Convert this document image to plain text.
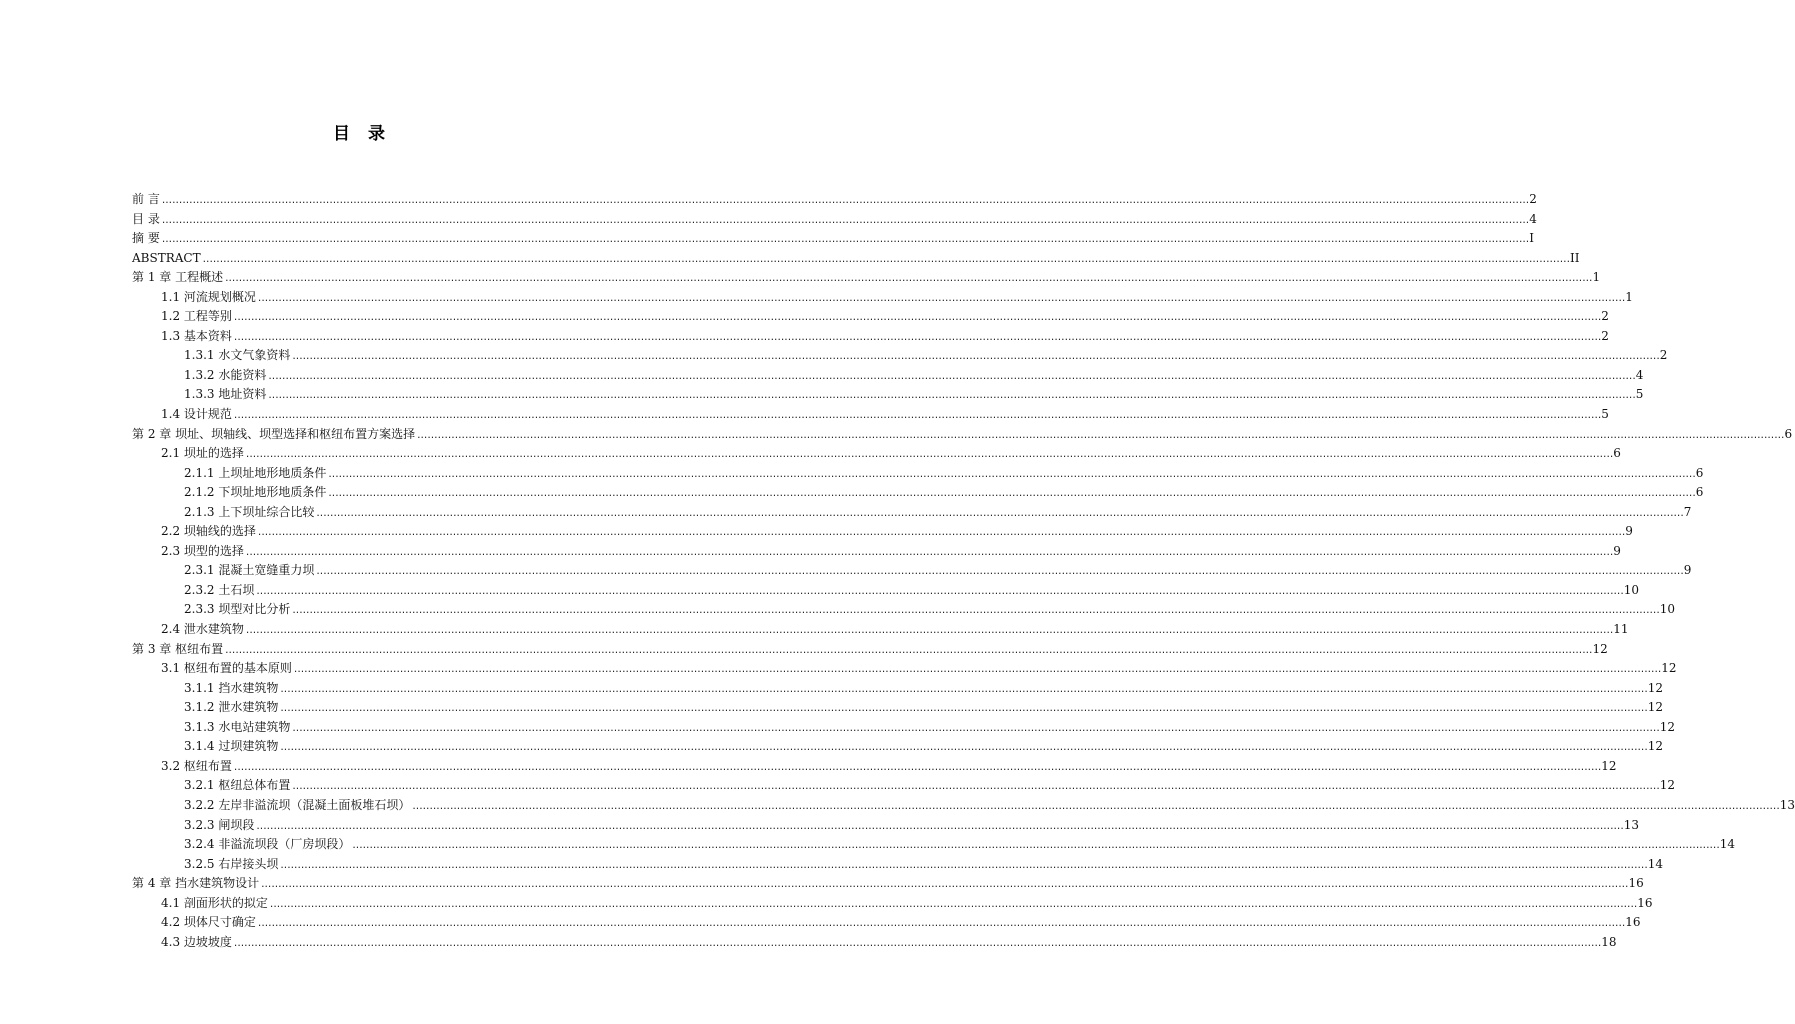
目 录
前 言 ................................................................................................................................................................................................................................................................................................................................................................................................................ 2
目 录 ................................................................................................................................................................................................................................................................................................................................................................................................................ 4
摘 要 ................................................................................................................................................................................................................................................................................................................................................................................................................ I
ABSTRACT ................................................................................................................................................................................................................................................................................................................................................................................................................ II
第 1 章 工程概述 ................................................................................................................................................................................................................................................................................................................................................................................................................ 1
1.1 河流规划概况 ................................................................................................................................................................................................................................................................................................................................................................................................................ 1
1.2 工程等别 ................................................................................................................................................................................................................................................................................................................................................................................................................ 2
1.3 基本资料 ................................................................................................................................................................................................................................................................................................................................................................................................................ 2
1.3.1 水文气象资料 ................................................................................................................................................................................................................................................................................................................................................................................................................ 2
1.3.2 水能资料 ................................................................................................................................................................................................................................................................................................................................................................................................................ 4
1.3.3 地址资料 ................................................................................................................................................................................................................................................................................................................................................................................................................ 5
1.4 设计规范 ................................................................................................................................................................................................................................................................................................................................................................................................................ 5
第 2 章 坝址、坝轴线、坝型选择和枢纽布置方案选择 ................................................................................................................................................................................................................................................................................................................................................................................................................ 6
2.1 坝址的选择 ................................................................................................................................................................................................................................................................................................................................................................................................................ 6
2.1.1 上坝址地形地质条件 ................................................................................................................................................................................................................................................................................................................................................................................................................ 6
2.1.2 下坝址地形地质条件 ................................................................................................................................................................................................................................................................................................................................................................................................................ 6
2.1.3 上下坝址综合比较 ................................................................................................................................................................................................................................................................................................................................................................................................................ 7
2.2 坝轴线的选择 ................................................................................................................................................................................................................................................................................................................................................................................................................ 9
2.3 坝型的选择 ................................................................................................................................................................................................................................................................................................................................................................................................................ 9
2.3.1 混凝土宽缝重力坝 ................................................................................................................................................................................................................................................................................................................................................................................................................ 9
2.3.2 土石坝 ................................................................................................................................................................................................................................................................................................................................................................................................................ 10
2.3.3 坝型对比分析 ................................................................................................................................................................................................................................................................................................................................................................................................................ 10
2.4 泄水建筑物 ................................................................................................................................................................................................................................................................................................................................................................................................................ 11
第 3 章 枢纽布置 ................................................................................................................................................................................................................................................................................................................................................................................................................ 12
3.1 枢纽布置的基本原则 ................................................................................................................................................................................................................................................................................................................................................................................................................ 12
3.1.1 挡水建筑物 ................................................................................................................................................................................................................................................................................................................................................................................................................ 12
3.1.2 泄水建筑物 ................................................................................................................................................................................................................................................................................................................................................................................................................ 12
3.1.3 水电站建筑物 ................................................................................................................................................................................................................................................................................................................................................................................................................ 12
3.1.4 过坝建筑物 ................................................................................................................................................................................................................................................................................................................................................................................................................ 12
3.2 枢纽布置 ................................................................................................................................................................................................................................................................................................................................................................................................................ 12
3.2.1 枢纽总体布置 ................................................................................................................................................................................................................................................................................................................................................................................................................ 12
3.2.2 左岸非溢流坝（混凝土面板堆石坝） ................................................................................................................................................................................................................................................................................................................................................................................................................ 13
3.2.3 闸坝段 ................................................................................................................................................................................................................................................................................................................................................................................................................ 13
3.2.4 非溢流坝段（厂房坝段） ................................................................................................................................................................................................................................................................................................................................................................................................................ 14
3.2.5 右岸接头坝 ................................................................................................................................................................................................................................................................................................................................................................................................................ 14
第 4 章 挡水建筑物设计 ................................................................................................................................................................................................................................................................................................................................................................................................................ 16
4.1 剖面形状的拟定 ................................................................................................................................................................................................................................................................................................................................................................................................................ 16
4.2 坝体尺寸确定 ................................................................................................................................................................................................................................................................................................................................................................................................................ 16
4.3 边坡坡度 ................................................................................................................................................................................................................................................................................................................................................................................................................ 18
